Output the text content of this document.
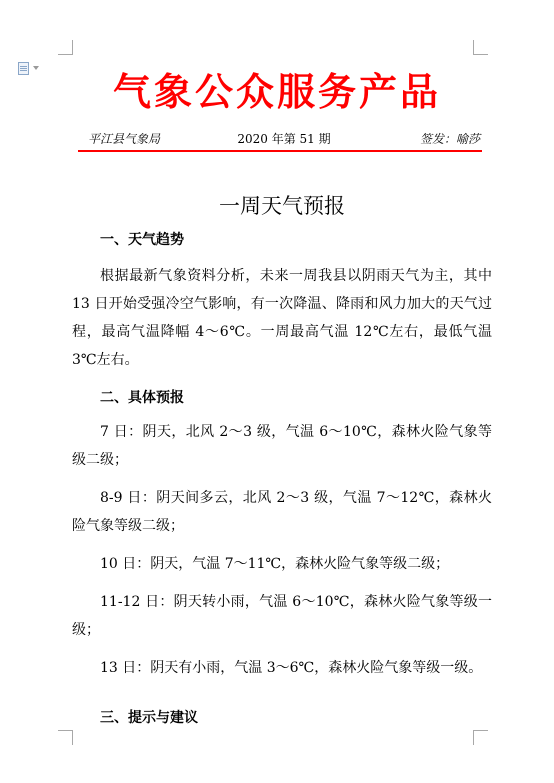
气象公众服务产品
平江县气象局	2020 年第 51 期	签发：喻莎
一周天气预报

一、天气趋势

根据最新气象资料分析，未来一周我县以阴雨天气为主，其中 13 日开始受强冷空气影响，有一次降温、降雨和风力加大的天气过程，最高气温降幅 4～6℃。一周最高气温 12℃左右，最低气温 3℃左右。

二、具体预报

7 日：阴天，北风 2～3 级，气温 6～10℃，森林火险气象等级二级；

8-9 日：阴天间多云，北风 2～3 级，气温 7～12℃，森林火险气象等级二级；

10 日：阴天，气温 7～11℃，森林火险气象等级二级；

11-12 日：阴天转小雨，气温 6～10℃，森林火险气象等级一级；

13 日：阴天有小雨，气温 3～6℃，森林火险气象等级一级。

三、提示与建议
